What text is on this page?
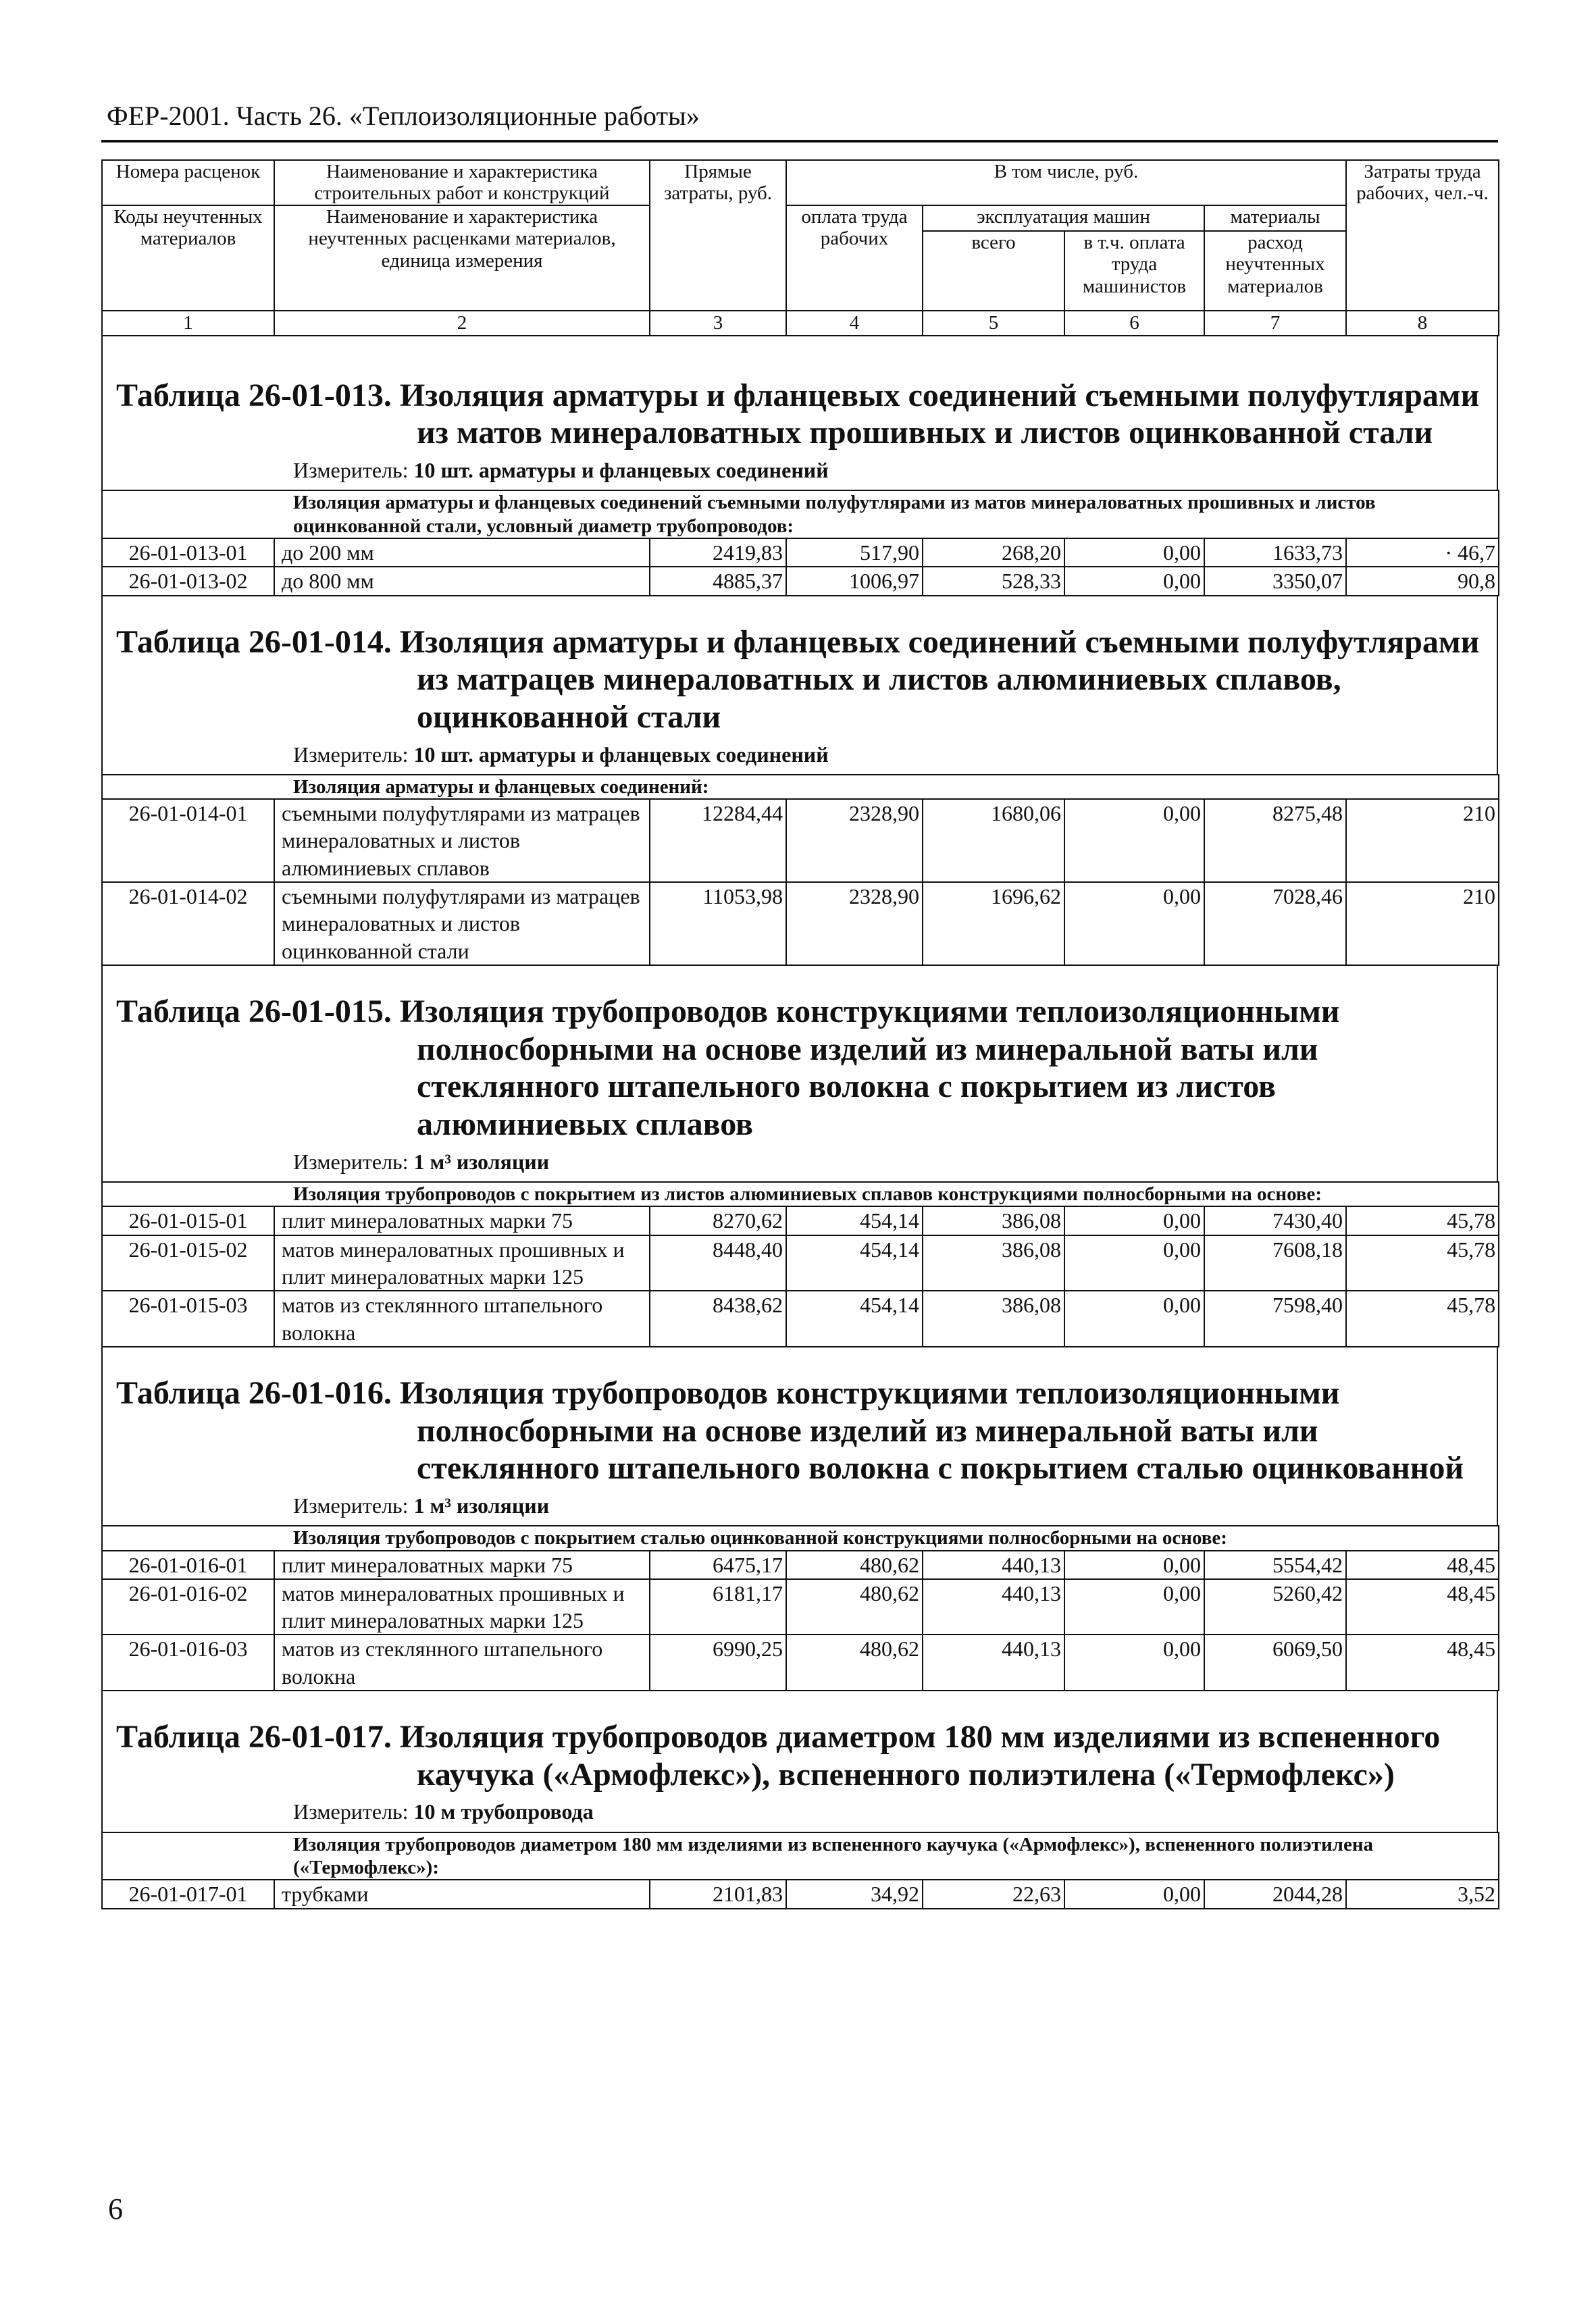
ФЕР-2001. Часть 26. «Теплоизоляционные работы»
Номера расценок	Наименование и характеристика строительных работ и конструкций	Прямые затраты, руб.	В том числе, руб.				Затраты труда рабочих, чел.-ч.
Коды неучтенных материалов	Наименование и характеристика неучтенных расценками материалов, единица измерения		оплата труда рабочих	эксплуатация машин		материалы	
				всего	в т.ч. оплата труда машинистов	расход неучтенных материалов	
1	2	3	4	5	6	7	8
Таблица 26-01-013. Изоляция арматуры и фланцевых соединений съемными полуфутлярами из матов минераловатных прошивных и листов оцинкованной стали
Измеритель: 10 шт. арматуры и фланцевых соединений
Изоляция арматуры и фланцевых соединений съемными полуфутлярами из матов минераловатных прошивных и листов оцинкованной стали, условный диаметр трубопроводов:							
26-01-013-01	до 200 мм	2419,83	517,90	268,20	0,00	1633,73	· 46,7
26-01-013-02	до 800 мм	4885,37	1006,97	528,33	0,00	3350,07	90,8
Таблица 26-01-014. Изоляция арматуры и фланцевых соединений съемными полуфутлярами из матрацев минераловатных и листов алюминиевых сплавов, оцинкованной стали
Измеритель: 10 шт. арматуры и фланцевых соединений
Изоляция арматуры и фланцевых соединений:							
26-01-014-01	съемными полуфутлярами из матрацев минераловатных и листов алюминиевых сплавов	12284,44	2328,90	1680,06	0,00	8275,48	210
26-01-014-02	съемными полуфутлярами из матрацев минераловатных и листов оцинкованной стали	11053,98	2328,90	1696,62	0,00	7028,46	210
Таблица 26-01-015. Изоляция трубопроводов конструкциями теплоизоляционными полносборными на основе изделий из минеральной ваты или стеклянного штапельного волокна с покрытием из листов алюминиевых сплавов
Измеритель: 1 м³ изоляции
Изоляция трубопроводов с покрытием из листов алюминиевых сплавов конструкциями полносборными на основе:							
26-01-015-01	плит минераловатных марки 75	8270,62	454,14	386,08	0,00	7430,40	45,78
26-01-015-02	матов минераловатных прошивных и плит минераловатных марки 125	8448,40	454,14	386,08	0,00	7608,18	45,78
26-01-015-03	матов из стеклянного штапельного волокна	8438,62	454,14	386,08	0,00	7598,40	45,78
Таблица 26-01-016. Изоляция трубопроводов конструкциями теплоизоляционными полносборными на основе изделий из минеральной ваты или стеклянного штапельного волокна с покрытием сталью оцинкованной
Измеритель: 1 м³ изоляции
Изоляция трубопроводов с покрытием сталью оцинкованной конструкциями полносборными на основе:							
26-01-016-01	плит минераловатных марки 75	6475,17	480,62	440,13	0,00	5554,42	48,45
26-01-016-02	матов минераловатных прошивных и плит минераловатных марки 125	6181,17	480,62	440,13	0,00	5260,42	48,45
26-01-016-03	матов из стеклянного штапельного волокна	6990,25	480,62	440,13	0,00	6069,50	48,45
Таблица 26-01-017. Изоляция трубопроводов диаметром 180 мм изделиями из вспененного каучука («Армофлекс»), вспененного полиэтилена («Термофлекс»)
Измеритель: 10 м трубопровода
Изоляция трубопроводов диаметром 180 мм изделиями из вспененного каучука («Армофлекс»), вспененного полиэтилена («Термофлекс»):
26-01-017-01	трубками	2101,83	34,92	22,63	0,00	2044,28	3,52
6
